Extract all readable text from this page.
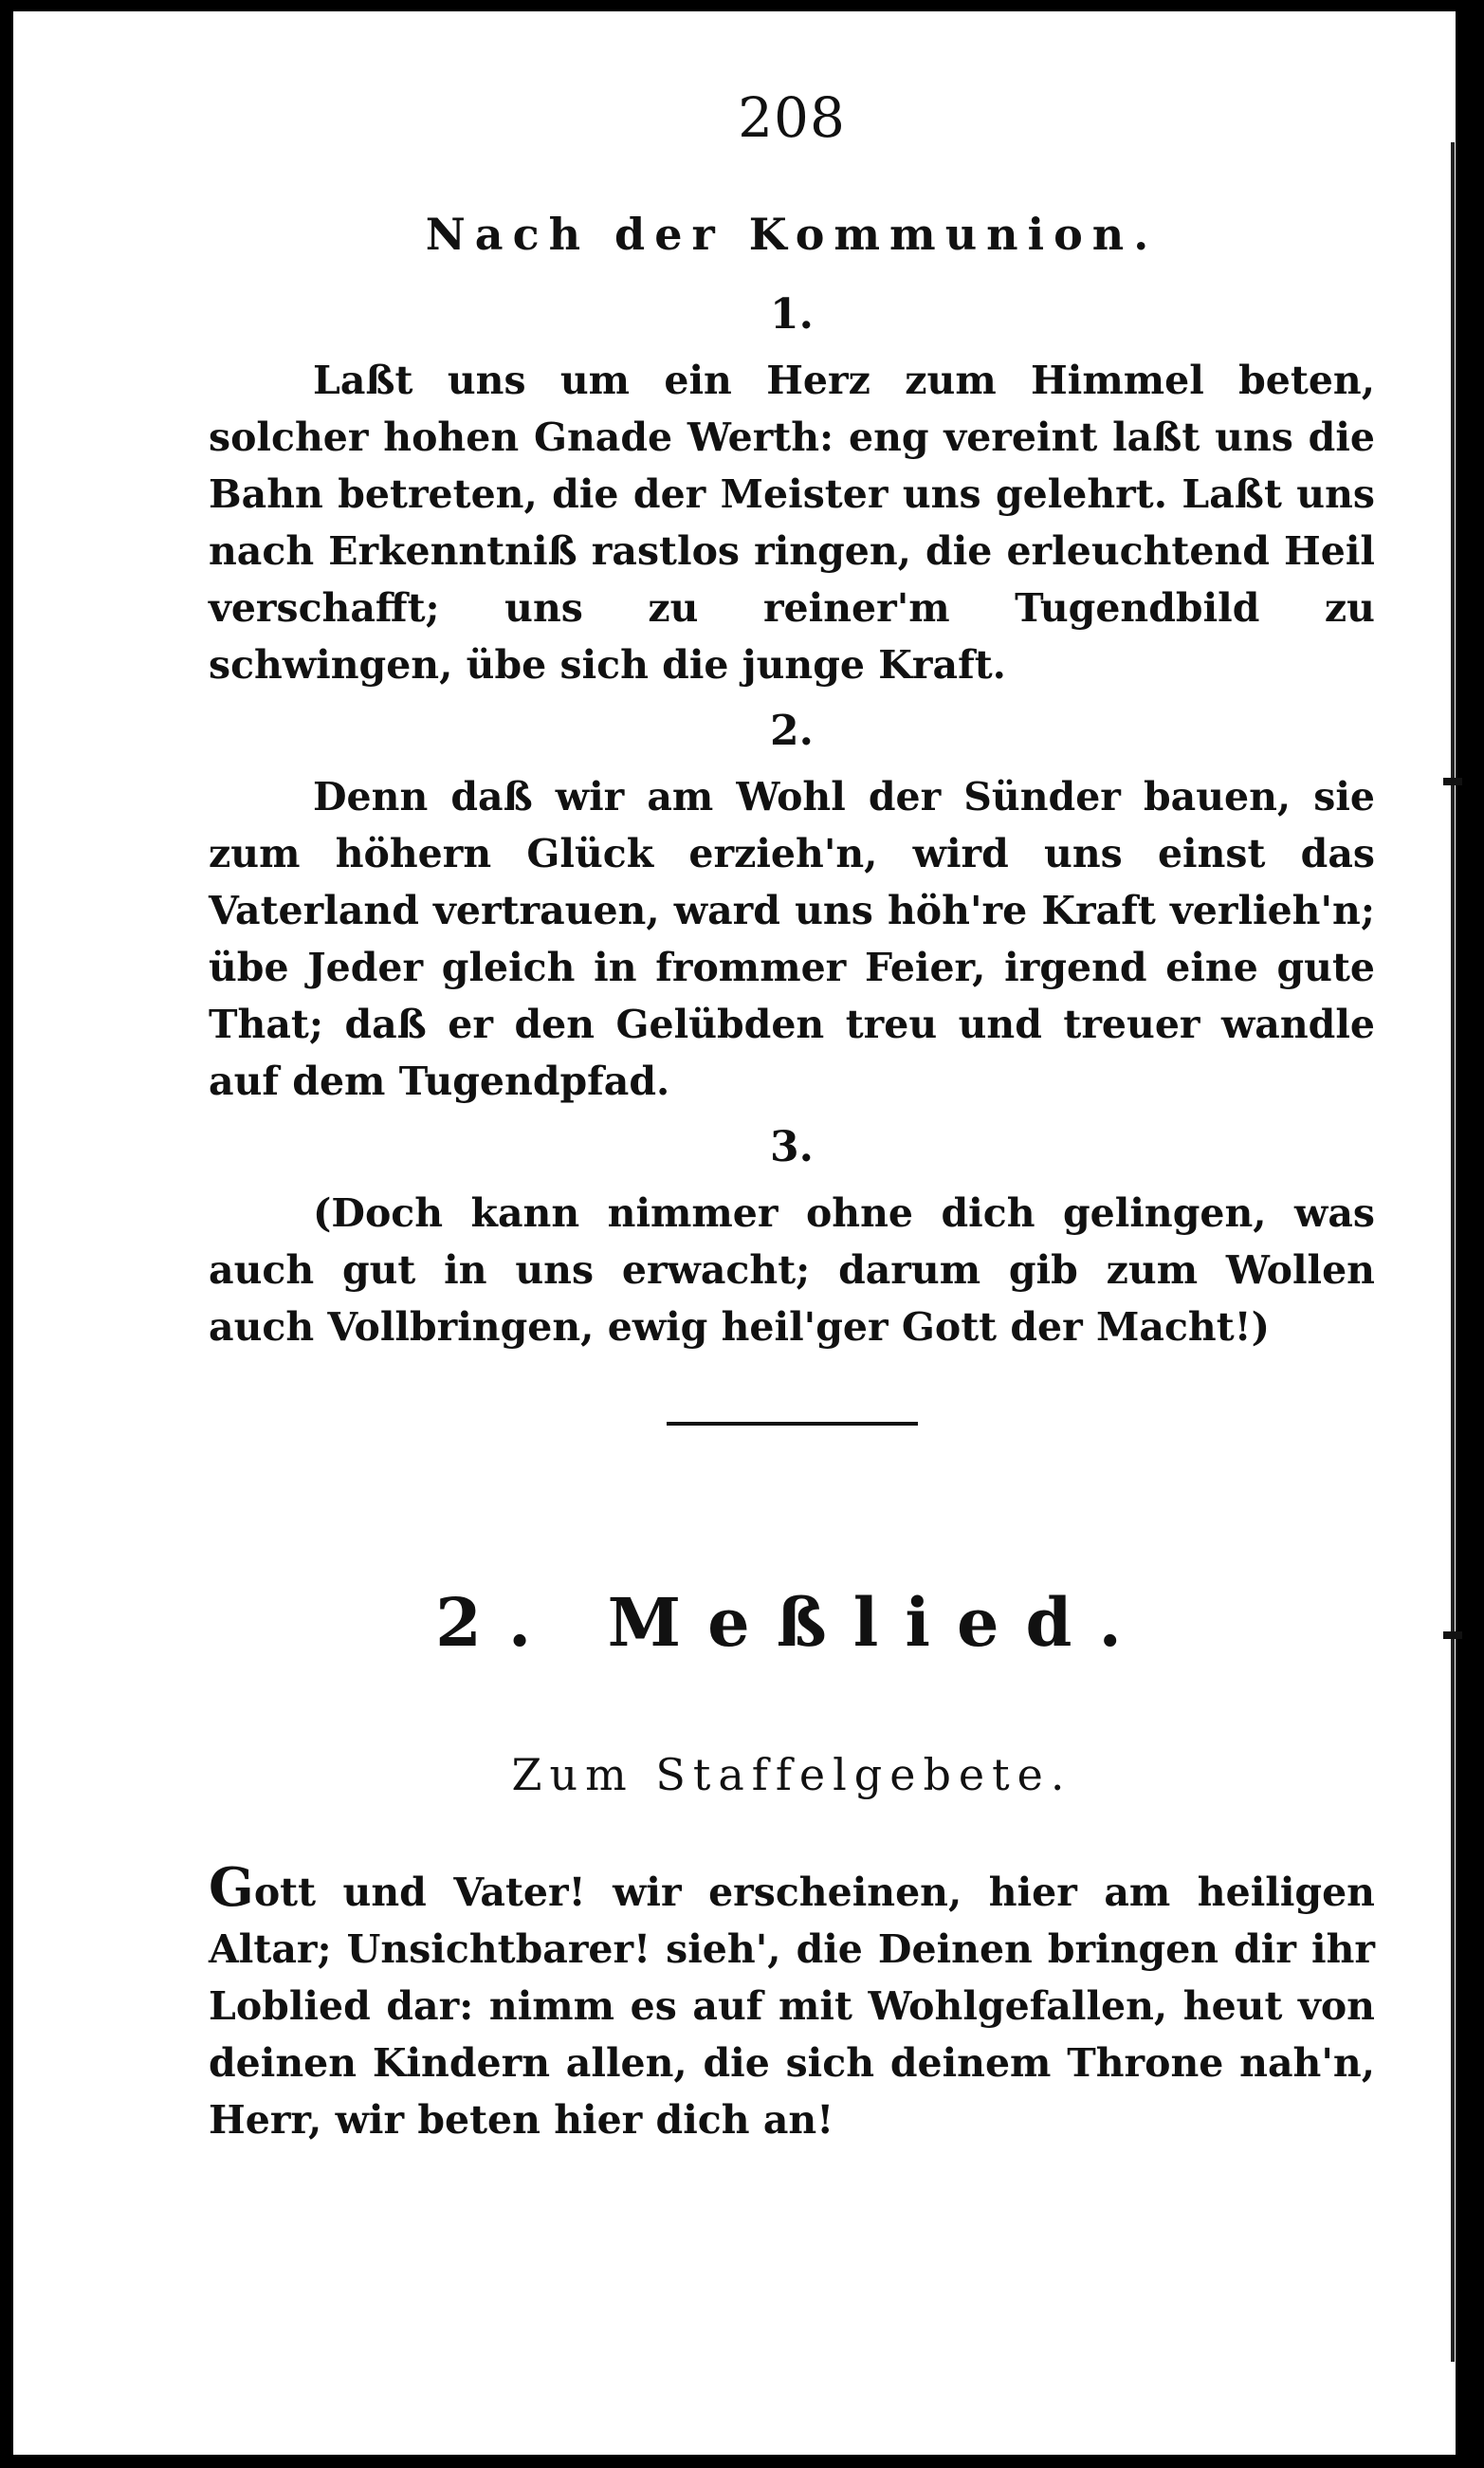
208
Nach der Kommunion.
1.

Laßt uns um ein Herz zum Himmel beten, solcher hohen Gnade Werth: eng vereint laßt uns die Bahn betreten, die der Meister uns gelehrt. Laßt uns nach Erkenntniß rastlos ringen, die erleuchtend Heil verschafft; uns zu reiner'm Tugendbild zu schwingen, übe sich die junge Kraft.

2.

Denn daß wir am Wohl der Sünder bauen, sie zum höhern Glück erzieh'n, wird uns einst das Vaterland vertrauen, ward uns höh're Kraft verlieh'n; übe Jeder gleich in frommer Feier, irgend eine gute That; daß er den Gelübden treu und treuer wandle auf dem Tugendpfad.

3.

(Doch kann nimmer ohne dich gelingen, was auch gut in uns erwacht; darum gib zum Wollen auch Vollbringen, ewig heil'ger Gott der Macht!)

2. Meßlied.
Zum Staffelgebete.

Gott und Vater! wir erscheinen, hier am heiligen Altar; Unsichtbarer! sieh', die Deinen bringen dir ihr Loblied dar: nimm es auf mit Wohlgefallen, heut von deinen Kindern allen, die sich deinem Throne nah'n, Herr, wir beten hier dich an!
